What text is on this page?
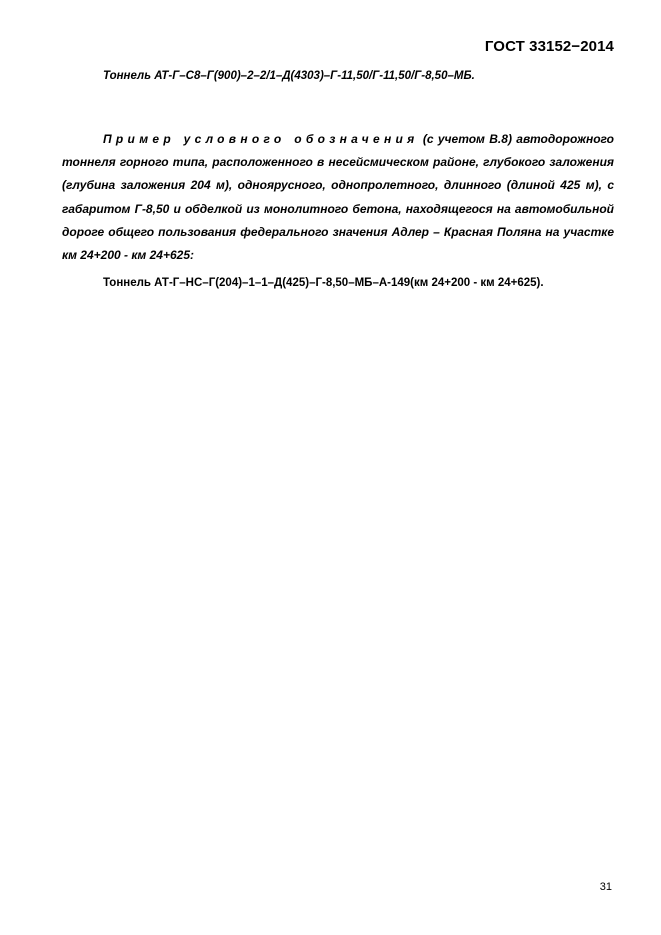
ГОСТ 33152−2014
Тоннель АТ-Г–С8–Г(900)–2–2/1–Д(4303)–Г-11,50/Г-11,50/Г-8,50–МБ.

Пример условного обозначения (с учетом В.8) автодорожного тоннеля горного типа, расположенного в несейсмическом районе, глубокого заложения (глубина заложения 204 м), одноярусного, однопролетного, длинного (длиной 425 м), с габаритом Г-8,50 и обделкой из монолитного бетона, находящегося на автомобильной дороге общего пользования федерального значения Адлер – Красная Поляна на участке км 24+200 - км 24+625:

Тоннель АТ-Г–НС–Г(204)–1–1–Д(425)–Г-8,50–МБ–А-149(км 24+200 - км 24+625).
31
